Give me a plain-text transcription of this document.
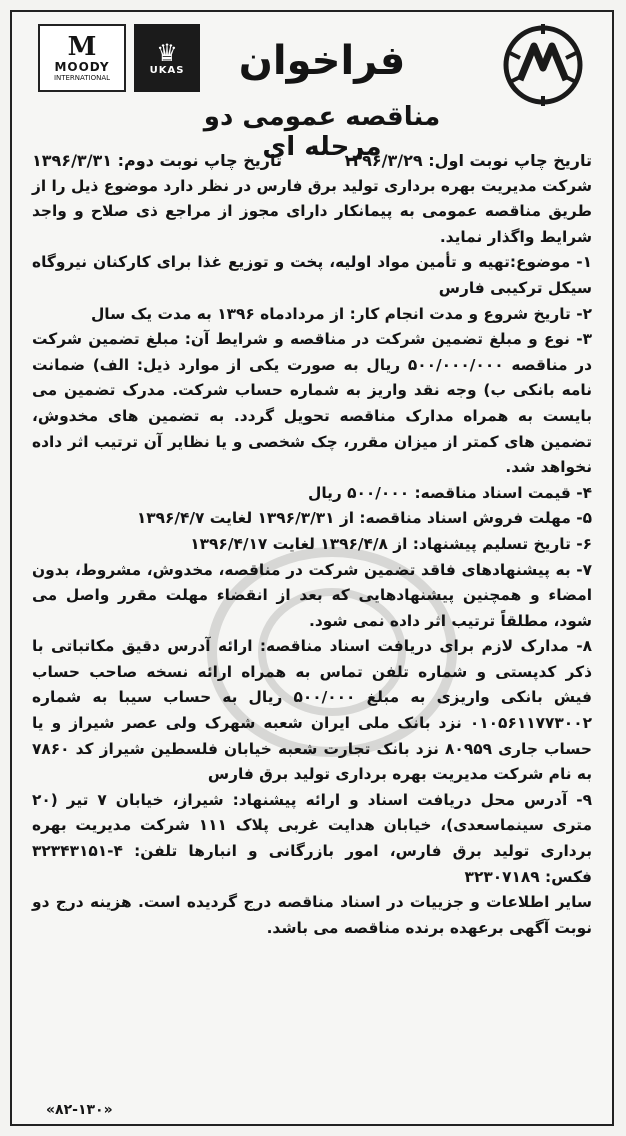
M
MOODY
INTERNATIONAL
♛
UKAS	فراخوان
مناقصه عمومی دو مرحله ای
تاریخ چاپ نوبت اول: ۱۳۹۶/۳/۲۹
تاریخ چاپ نوبت دوم: ۱۳۹۶/۳/۳۱

شرکت مدیریت بهره برداری تولید برق فارس در نظر دارد موضوع ذیل را از طریق مناقصه عمومی به پیمانکار دارای مجوز از مراجع ذی صلاح و واجد شرایط واگذار نماید.

۱- موضوع:تهیه و تأمین مواد اولیه، پخت و توزیع غذا برای کارکنان نیروگاه سیکل ترکیبی فارس

۲- تاریخ شروع و مدت انجام کار: از مردادماه ۱۳۹۶ به مدت یک سال

۳- نوع و مبلغ تضمین شرکت در مناقصه و شرایط آن: مبلغ تضمین شرکت در مناقصه ۵۰۰/۰۰۰/۰۰۰ ریال به صورت یکی از موارد ذیل: الف) ضمانت نامه بانکی ب) وجه نقد واریز به شماره حساب شرکت. مدرک تضمین می بایست به همراه مدارک مناقصه تحویل گردد. به تضمین های مخدوش، تضمین های کمتر از میزان مقرر، چک شخصی و یا نظایر آن ترتیب اثر داده نخواهد شد.

۴- قیمت اسناد مناقصه: ۵۰۰/۰۰۰ ریال

۵- مهلت فروش اسناد مناقصه: از ۱۳۹۶/۳/۳۱ لغایت ۱۳۹۶/۴/۷

۶- تاریخ تسلیم پیشنهاد: از ۱۳۹۶/۴/۸ لغایت ۱۳۹۶/۴/۱۷

۷- به پیشنهادهای فاقد تضمین شرکت در مناقصه، مخدوش، مشروط، بدون امضاء و همچنین پیشنهادهایی که بعد از انقضاء مهلت مقرر واصل می شود، مطلقاً ترتیب اثر داده نمی شود.

۸- مدارک لازم برای دریافت اسناد مناقصه: ارائه آدرس دقیق مکاتباتی با ذکر کدپستی و شماره تلفن تماس به همراه ارائه نسخه صاحب حساب فیش بانکی واریزی به مبلغ ۵۰۰/۰۰۰ ریال به حساب سیبا به شماره ۰۱۰۵۶۱۱۷۷۳۰۰۲ نزد بانک ملی ایران شعبه شهرک ولی عصر شیراز و یا حساب جاری ۸۰۹۵۹ نزد بانک تجارت شعبه خیابان فلسطین شیراز کد ۷۸۶۰ به نام شرکت مدیریت بهره برداری تولید برق فارس

۹- آدرس محل دریافت اسناد و ارائه پیشنهاد: شیراز، خیابان ۷ تیر (۲۰ متری سینماسعدی)، خیابان هدایت غربی پلاک ۱۱۱ شرکت مدیریت بهره برداری تولید برق فارس، امور بازرگانی و انبارها تلفن: ۴-۳۲۳۴۳۱۵۱ فکس: ۳۲۳۰۷۱۸۹

سایر اطلاعات و جزییات در اسناد مناقصه درج گردیده است. هزینه درج دو نوبت آگهی برعهده برنده مناقصه می باشد.

«۸۲-۱۳۰»
